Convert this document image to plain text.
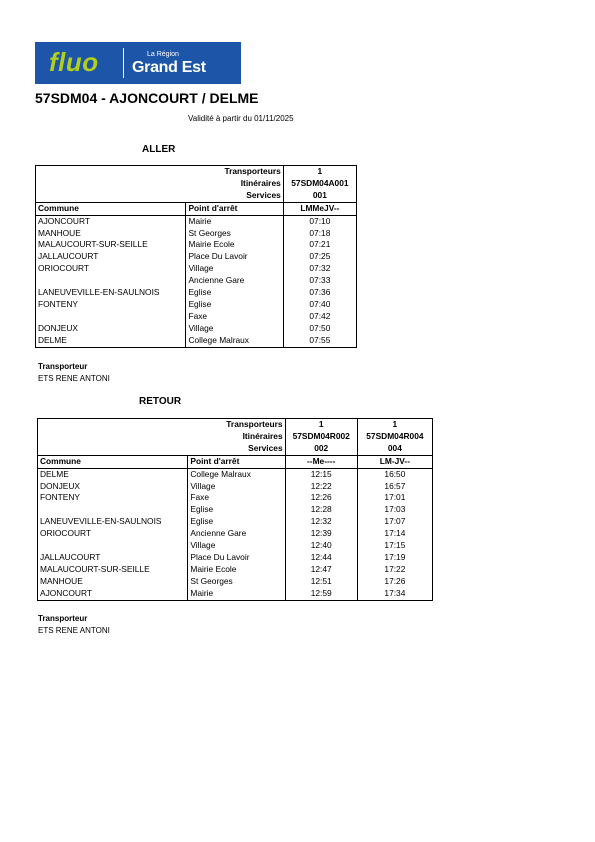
fluo	La Région
Grand Est
57SDM04 - AJONCOURT / DELME
Validité à partir du 01/11/2025
ALLER
Transporteurs		1
Itinéraires		57SDM04A001
Services		001
Commune	Point d'arrêt	LMMeJV--
AJONCOURT	Mairie	07:10
MANHOUE	St Georges	07:18
MALAUCOURT-SUR-SEILLE	Mairie Ecole	07:21
JALLAUCOURT	Place Du Lavoir	07:25
ORIOCOURT	Village	07:32
	Ancienne Gare	07:33
LANEUVEVILLE-EN-SAULNOIS	Eglise	07:36
FONTENY	Eglise	07:40
	Faxe	07:42
DONJEUX	Village	07:50
DELME	College Malraux	07:55
Transporteur
ETS RENE ANTONI
RETOUR
Transporteurs		1	1
Itinéraires		57SDM04R002	57SDM04R004
Services		002	004
Commune	Point d'arrêt	--Me----	LM-JV--
DELME	College Malraux	12:15	16:50
DONJEUX	Village	12:22	16:57
FONTENY	Faxe	12:26	17:01
	Eglise	12:28	17:03
LANEUVEVILLE-EN-SAULNOIS	Eglise	12:32	17:07
ORIOCOURT	Ancienne Gare	12:39	17:14
	Village	12:40	17:15
JALLAUCOURT	Place Du Lavoir	12:44	17:19
MALAUCOURT-SUR-SEILLE	Mairie Ecole	12:47	17:22
MANHOUE	St Georges	12:51	17:26
AJONCOURT	Mairie	12:59	17:34
Transporteur
ETS RENE ANTONI
